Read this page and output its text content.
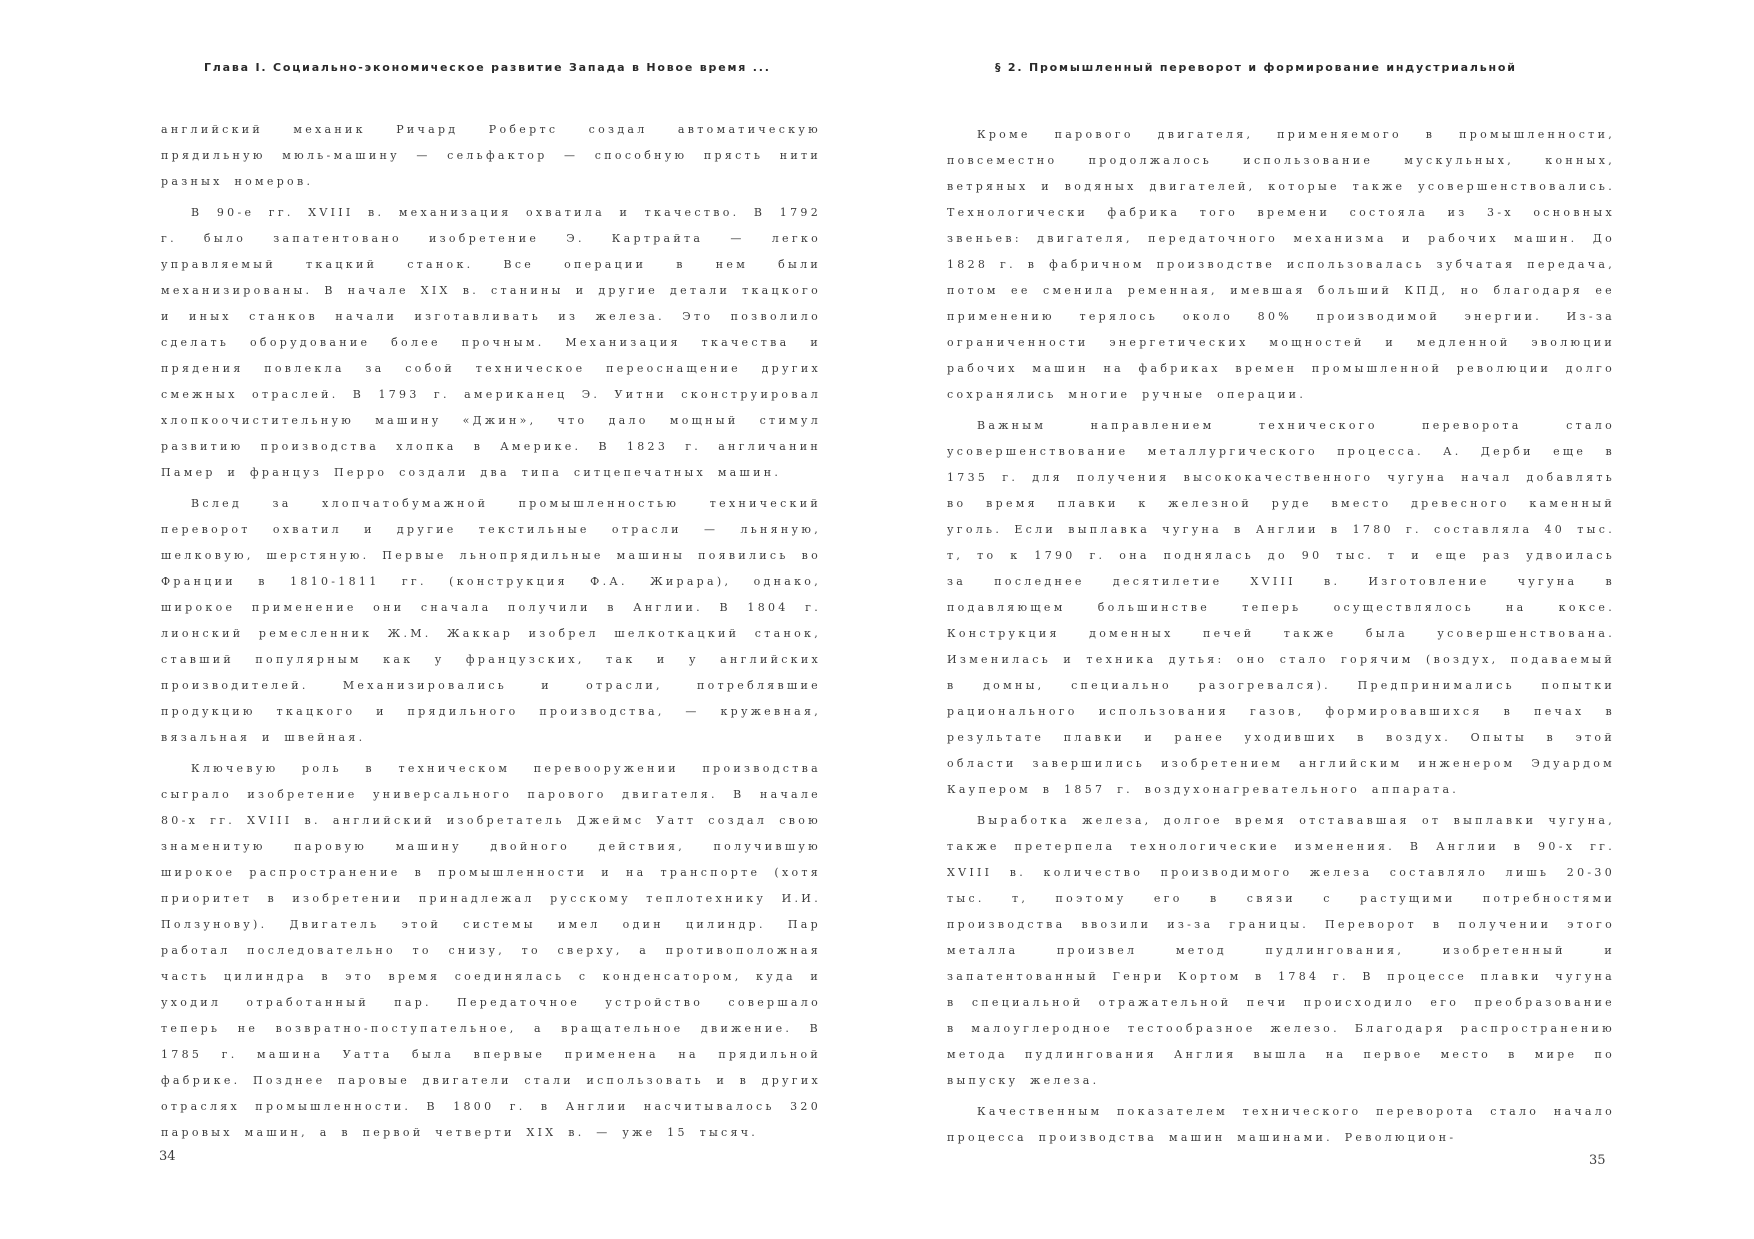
Глава I. Социально-экономическое развитие Запада в Новое время ...

английский механик Ричард Робертс создал автоматическую прядильную мюль-машину — сельфактор — способную прясть нити разных номеров.

В 90-е гг. XVIII в. механизация охватила и ткачество. В 1792 г. было запатентовано изобретение Э. Картрайта — легко управляемый ткацкий станок. Все операции в нем были механизированы. В начале XIX в. станины и другие детали ткацкого и иных станков начали изготавливать из железа. Это позволило сделать оборудование более прочным. Механизация ткачества и прядения повлекла за собой техническое переоснащение других смежных отраслей. В 1793 г. американец Э. Уитни сконструировал хлопкоочистительную машину «Джин», что дало мощный стимул развитию производства хлопка в Америке. В 1823 г. англичанин Памер и француз Перро создали два типа ситцепечатных машин.

Вслед за хлопчатобумажной промышленностью технический переворот охватил и другие текстильные отрасли — льняную, шелковую, шерстяную. Первые льнопрядильные машины появились во Франции в 1810-1811 гг. (конструкция Ф.А. Жирара), однако, широкое применение они сначала получили в Англии. В 1804 г. лионский ремесленник Ж.М. Жаккар изобрел шелкоткацкий станок, ставший популярным как у французских, так и у английских производителей. Механизировались и отрасли, потреблявшие продукцию ткацкого и прядильного производства, — кружевная, вязальная и швейная.

Ключевую роль в техническом перевооружении производства сыграло изобретение универсального парового двигателя. В начале 80-х гг. XVIII в. английский изобретатель Джеймс Уатт создал свою знаменитую паровую машину двойного действия, получившую широкое распространение в промышленности и на транспорте (хотя приоритет в изобретении принадлежал русскому теплотехнику И.И. Ползунову). Двигатель этой системы имел один цилиндр. Пар работал последовательно то снизу, то сверху, а противоположная часть цилиндра в это время соединялась с конденсатором, куда и уходил отработанный пар. Передаточное устройство совершало теперь не возвратно-поступательное, а вращательное движение. В 1785 г. машина Уатта была впервые применена на прядильной фабрике. Позднее паровые двигатели стали использовать и в других отраслях промышленности. В 1800 г. в Англии насчитывалось 320 паровых машин, а в первой четверти XIX в. — уже 15 тысяч.

34
§ 2. Промышленный переворот и формирование индустриальной

Кроме парового двигателя, применяемого в промышленности, повсеместно продолжалось использование мускульных, конных, ветряных и водяных двигателей, которые также усовершенствовались. Технологически фабрика того времени состояла из 3-х основных звеньев: двигателя, передаточного механизма и рабочих машин. До 1828 г. в фабричном производстве использовалась зубчатая передача, потом ее сменила ременная, имевшая больший КПД, но благодаря ее применению терялось около 80% производимой энергии. Из-за ограниченности энергетических мощностей и медленной эволюции рабочих машин на фабриках времен промышленной революции долго сохранялись многие ручные операции.

Важным направлением технического переворота стало усовершенствование металлургического процесса. А. Дерби еще в 1735 г. для получения высококачественного чугуна начал добавлять во время плавки к железной руде вместо древесного каменный уголь. Если выплавка чугуна в Англии в 1780 г. составляла 40 тыс. т, то к 1790 г. она поднялась до 90 тыс. т и еще раз удвоилась за последнее десятилетие XVIII в. Изготовление чугуна в подавляющем большинстве теперь осуществлялось на коксе. Конструкция доменных печей также была усовершенствована. Изменилась и техника дутья: оно стало горячим (воздух, подаваемый в домны, специально разогревался). Предпринимались попытки рационального использования газов, формировавшихся в печах в результате плавки и ранее уходивших в воздух. Опыты в этой области завершились изобретением английским инженером Эдуардом Каупером в 1857 г. воздухонагревательного аппарата.

Выработка железа, долгое время отстававшая от выплавки чугуна, также претерпела технологические изменения. В Англии в 90-х гг. XVIII в. количество производимого железа составляло лишь 20-30 тыс. т, поэтому его в связи с растущими потребностями производства ввозили из-за границы. Переворот в получении этого металла произвел метод пудлингования, изобретенный и запатентованный Генри Кортом в 1784 г. В процессе плавки чугуна в специальной отражательной печи происходило его преобразование в малоуглеродное тестообразное железо. Благодаря распространению метода пудлингования Англия вышла на первое место в мире по выпуску железа.

Качественным показателем технического переворота стало начало процесса производства машин машинами. Революцион-

35
